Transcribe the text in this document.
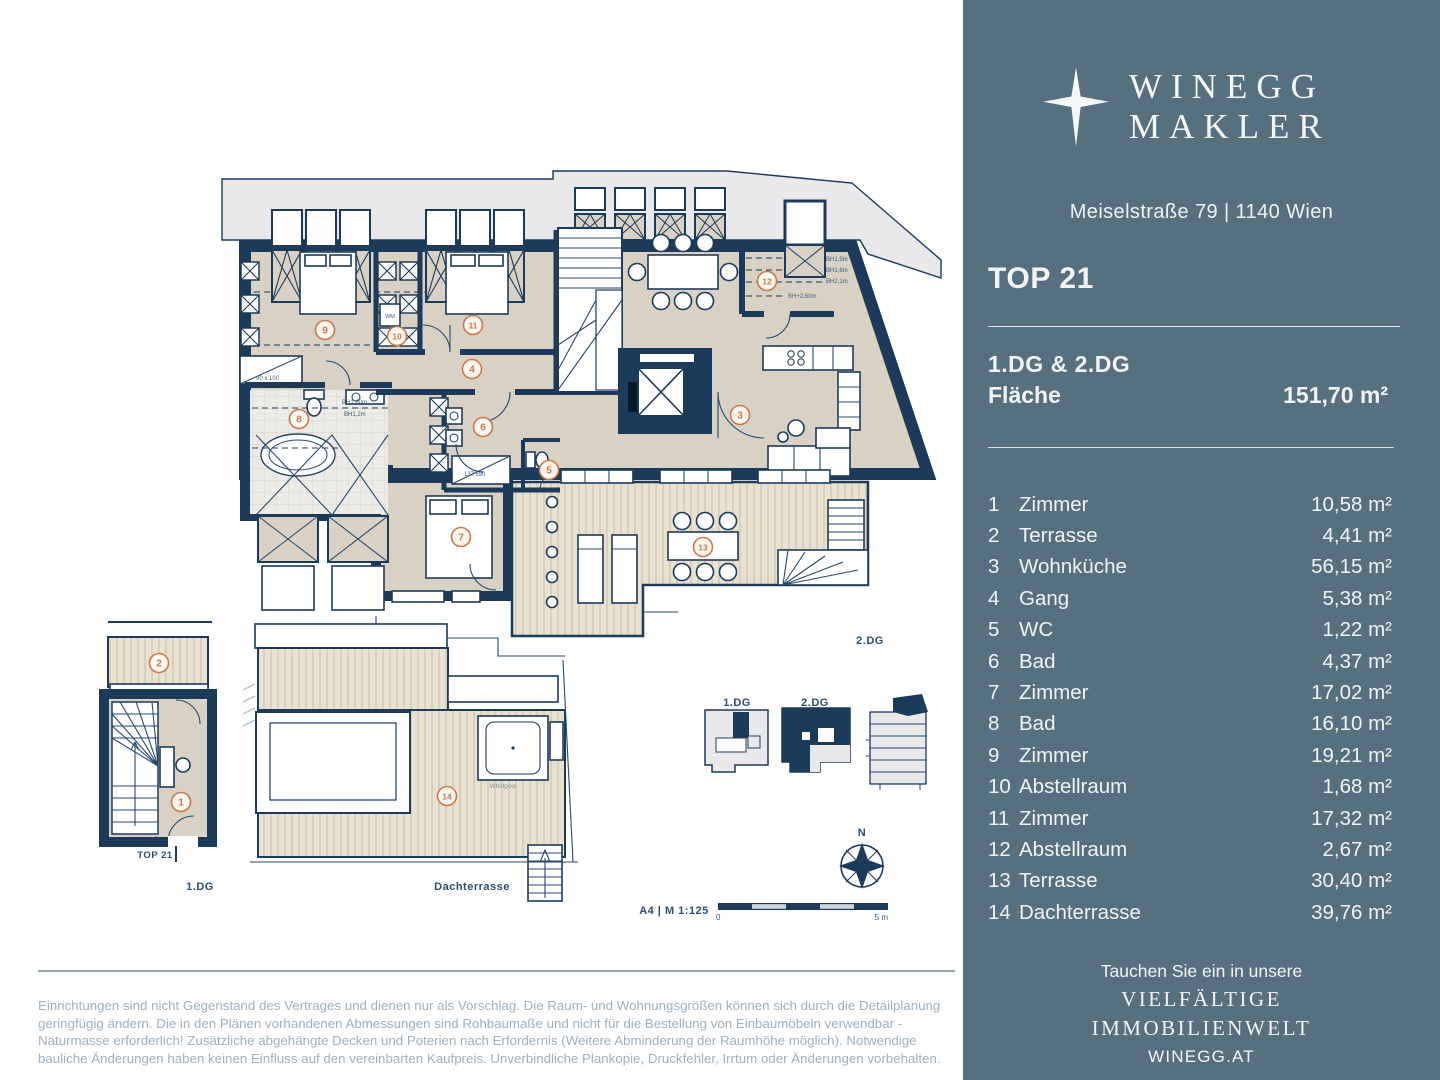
1.DG	2.DG
N
A4 | M 1:125
0	5 m
2.DG
1.DG	Dachterrasse
TOP 21
Whirlpool
WM
90 x 100
137 x90
BH1,5m
BH1,6m
BH2,1m
BH+2,60m
BH1,60m
BH1,2m
1
2
3
4
5
6
7
8
9	10
11
12
13
14
Einrichtungen sind nicht Gegenstand des Vertrages und dienen nur als Vorschlag. Die Raum- und Wohnungsgrößen können sich durch die Detailplanung geringfügig ändern. Die in den Plänen vorhandenen Abmessungen sind Rohbaumaße und nicht für die Bestellung von Einbaumöbeln verwendbar - Naturmasse erforderlich! Zusätzliche abgehängte Decken und Poterien nach Erfordernis (Weitere Abminderung der Raumhöhe möglich). Notwendige bauliche Änderungen haben keinen Einfluss auf den vereinbarten Kaufpreis. Unverbindliche Plankopie, Druckfehler, Irrtum oder Änderungen vorbehalten.
WINEGG
MAKLER
Meiselstraße 79 | 1140 Wien
TOP 21
1.DG & 2.DG
Fläche	151,70 m²
1 Zimmer	10,58 m²
2 Terrasse	4,41 m²
3 Wohnküche	56,15 m²
4 Gang	5,38 m²
5 WC	1,22 m²
6 Bad	4,37 m²
7 Zimmer	17,02 m²
8 Bad	16,10 m²
9 Zimmer	19,21 m²
10 Abstellraum	1,68 m²
11 Zimmer	17,32 m²
12 Abstellraum	2,67 m²
13 Terrasse	30,40 m²
14 Dachterrasse	39,76 m²
Tauchen Sie ein in unsere
VIELFÄLTIGE
IMMOBILIENWELT
WINEGG.AT
